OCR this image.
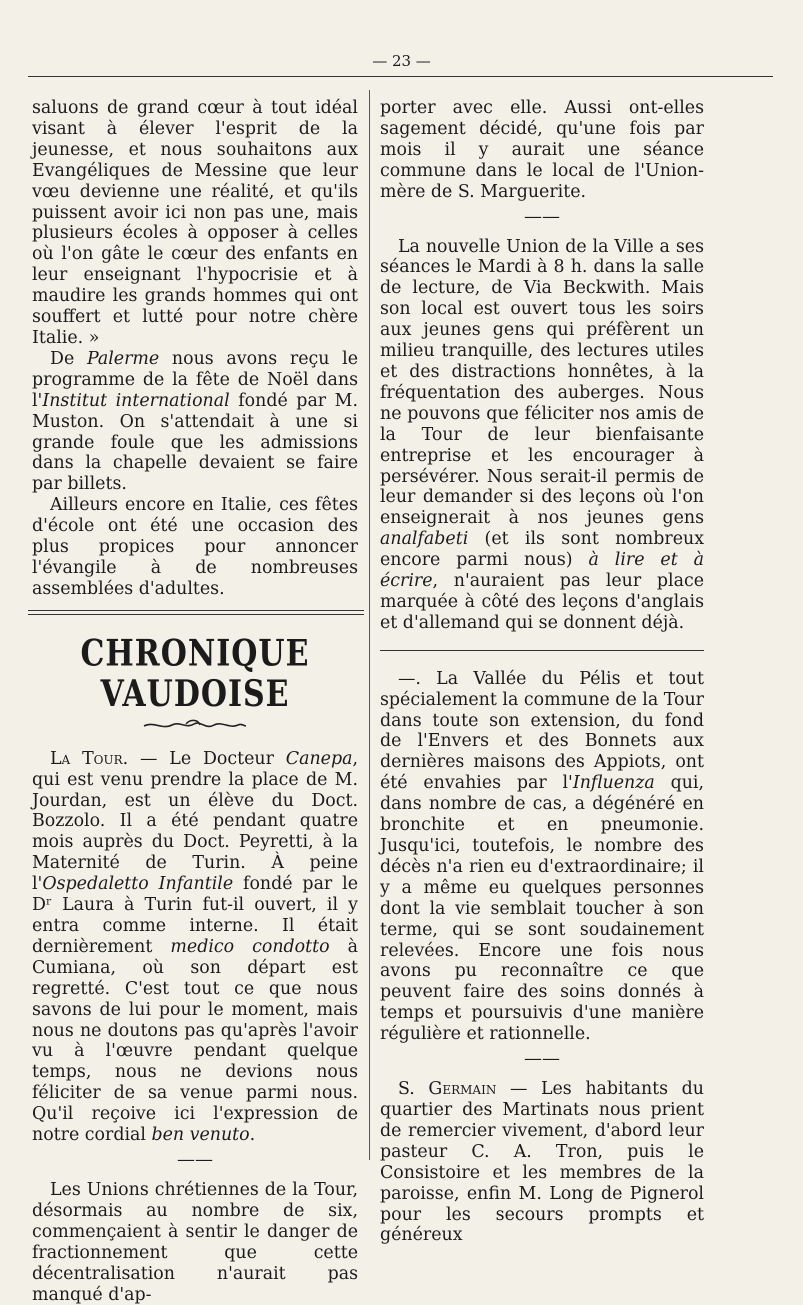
— 23 —

saluons de grand cœur à tout idéal visant à élever l'esprit de la jeunesse, et nous souhaitons aux Evangéliques de Messine que leur vœu devienne une réalité, et qu'ils puissent avoir ici non pas une, mais plusieurs écoles à opposer à celles où l'on gâte le cœur des enfants en leur enseignant l'hypocrisie et à maudire les grands hommes qui ont souffert et lutté pour notre chère Italie. »

De Palerme nous avons reçu le programme de la fête de Noël dans l'Institut international fondé par M. Muston. On s'attendait à une si grande foule que les admissions dans la chapelle devaient se faire par billets.

Ailleurs encore en Italie, ces fêtes d'école ont été une occasion des plus propices pour annoncer l'évangile à de nombreuses assemblées d'adultes.

CHRONIQUE VAUDOISE

La Tour. — Le Docteur Canepa, qui est venu prendre la place de M. Jourdan, est un élève du Doct. Bozzolo. Il a été pendant quatre mois auprès du Doct. Peyretti, à la Maternité de Turin. À peine l'Ospedaletto Infantile fondé par le Dʳ Laura à Turin fut-il ouvert, il y entra comme interne. Il était dernièrement medico condotto à Cumiana, où son départ est regretté. C'est tout ce que nous savons de lui pour le moment, mais nous ne doutons pas qu'après l'avoir vu à l'œuvre pendant quelque temps, nous ne devions nous féliciter de sa venue parmi nous. Qu'il reçoive ici l'expression de notre cordial ben venuto.

——

Les Unions chrétiennes de la Tour, désormais au nombre de six, commençaient à sentir le danger de fractionnement que cette décentralisation n'aurait pas manqué d'ap-

porter avec elle. Aussi ont-elles sagement décidé, qu'une fois par mois il y aurait une séance commune dans le local de l'Union-mère de S. Marguerite.

——

La nouvelle Union de la Ville a ses séances le Mardi à 8 h. dans la salle de lecture, de Via Beckwith. Mais son local est ouvert tous les soirs aux jeunes gens qui préfèrent un milieu tranquille, des lectures utiles et des distractions honnêtes, à la fréquentation des auberges. Nous ne pouvons que féliciter nos amis de la Tour de leur bienfaisante entreprise et les encourager à persévérer. Nous serait-il permis de leur demander si des leçons où l'on enseignerait à nos jeunes gens analfabeti (et ils sont nombreux encore parmi nous) à lire et à écrire, n'auraient pas leur place marquée à côté des leçons d'anglais et d'allemand qui se donnent déjà.

—. La Vallée du Pélis et tout spécialement la commune de la Tour dans toute son extension, du fond de l'Envers et des Bonnets aux dernières maisons des Appiots, ont été envahies par l'Influenza qui, dans nombre de cas, a dégénéré en bronchite et en pneumonie. Jusqu'ici, toutefois, le nombre des décès n'a rien eu d'extraordinaire; il y a même eu quelques personnes dont la vie semblait toucher à son terme, qui se sont soudainement relevées. Encore une fois nous avons pu reconnaître ce que peuvent faire des soins donnés à temps et poursuivis d'une manière régulière et rationnelle.

——

S. Germain — Les habitants du quartier des Martinats nous prient de remercier vivement, d'abord leur pasteur C. A. Tron, puis le Consistoire et les membres de la paroisse, enfin M. Long de Pignerol pour les secours prompts et généreux
